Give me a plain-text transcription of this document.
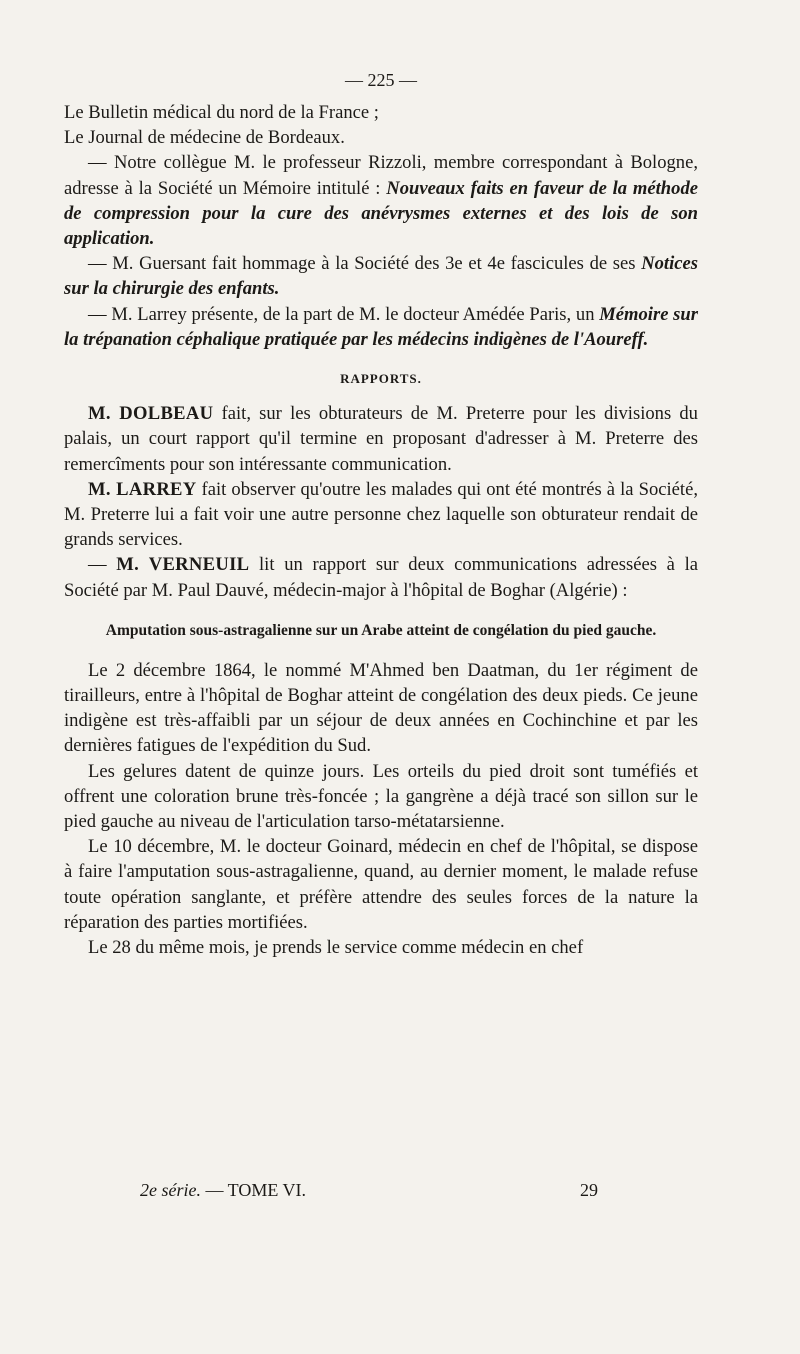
— 225 —

Le Bulletin médical du nord de la France ;

Le Journal de médecine de Bordeaux.

— Notre collègue M. le professeur Rizzoli, membre correspondant à Bologne, adresse à la Société un Mémoire intitulé : Nouveaux faits en faveur de la méthode de compression pour la cure des anévrysmes externes et des lois de son application.

— M. Guersant fait hommage à la Société des 3e et 4e fascicules de ses Notices sur la chirurgie des enfants.

— M. Larrey présente, de la part de M. le docteur Amédée Paris, un Mémoire sur la trépanation céphalique pratiquée par les médecins indigènes de l'Aoureff.

RAPPORTS.

M. DOLBEAU fait, sur les obturateurs de M. Preterre pour les divisions du palais, un court rapport qu'il termine en proposant d'adresser à M. Preterre des remercîments pour son intéressante communication.

M. LARREY fait observer qu'outre les malades qui ont été montrés à la Société, M. Preterre lui a fait voir une autre personne chez laquelle son obturateur rendait de grands services.

— M. VERNEUIL lit un rapport sur deux communications adressées à la Société par M. Paul Dauvé, médecin-major à l'hôpital de Boghar (Algérie) :

Amputation sous-astragalienne sur un Arabe atteint de congélation du pied gauche.

Le 2 décembre 1864, le nommé M'Ahmed ben Daatman, du 1er régiment de tirailleurs, entre à l'hôpital de Boghar atteint de congélation des deux pieds. Ce jeune indigène est très-affaibli par un séjour de deux années en Cochinchine et par les dernières fatigues de l'expédition du Sud.

Les gelures datent de quinze jours. Les orteils du pied droit sont tuméfiés et offrent une coloration brune très-foncée ; la gangrène a déjà tracé son sillon sur le pied gauche au niveau de l'articulation tarso-métatarsienne.

Le 10 décembre, M. le docteur Goinard, médecin en chef de l'hôpital, se dispose à faire l'amputation sous-astragalienne, quand, au dernier moment, le malade refuse toute opération sanglante, et préfère attendre des seules forces de la nature la réparation des parties mortifiées.

Le 28 du même mois, je prends le service comme médecin en chef

2e série. — TOME VI.	29
